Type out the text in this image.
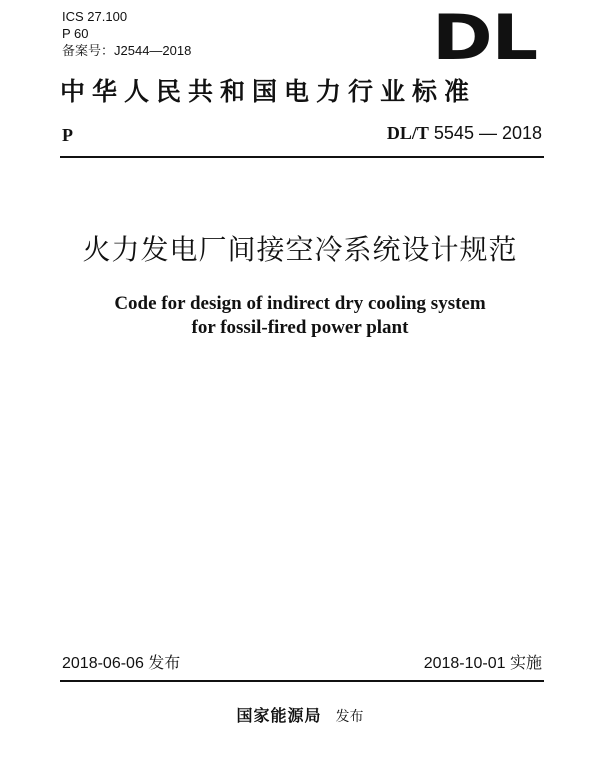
ICS 27.100
P 60
备案号：J2544—2018	DL
中华人民共和国电力行业标准
P	DL/T 5545 — 2018
火力发电厂间接空冷系统设计规范
Code for design of indirect dry cooling system
for fossil-fired power plant
2018-06-06 发布	2018-10-01 实施
国家能源局 发布
